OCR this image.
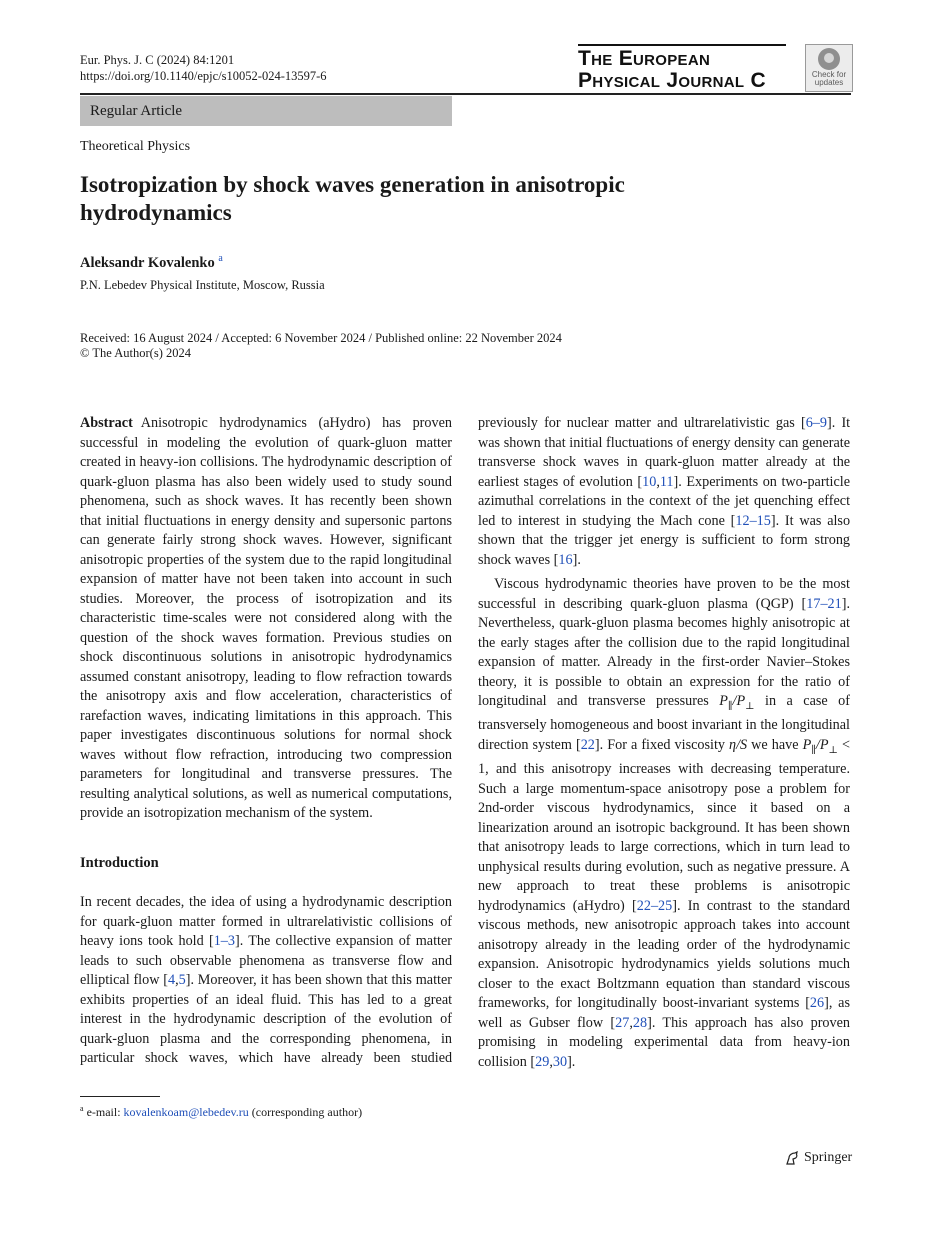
Eur. Phys. J. C (2024) 84:1201
https://doi.org/10.1140/epjc/s10052-024-13597-6
The European
Physical Journal C	Check for
updates
Regular Article
Theoretical Physics
Isotropization by shock waves generation in anisotropic hydrodynamics
Aleksandr Kovalenko $^a$
P.N. Lebedev Physical Institute, Moscow, Russia
Received: 16 August 2024 / Accepted: 6 November 2024 / Published online: 22 November 2024
© The Author(s) 2024

Abstract Anisotropic hydrodynamics (aHydro) has proven successful in modeling the evolution of quark-gluon matter created in heavy-ion collisions. The hydrodynamic description of quark-gluon plasma has also been widely used to study sound phenomena, such as shock waves. It has recently been shown that initial fluctuations in energy density and supersonic partons can generate fairly strong shock waves. However, significant anisotropic properties of the system due to the rapid longitudinal expansion of matter have not been taken into account in such studies. Moreover, the process of isotropization and its characteristic time-scales were not considered along with the question of the shock waves formation. Previous studies on shock discontinuous solutions in anisotropic hydrodynamics assumed constant anisotropy, leading to flow refraction towards the anisotropy axis and flow acceleration, characteristics of rarefaction waves, indicating limitations in this approach. This paper investigates discontinuous solutions for normal shock waves without flow refraction, introducing two compression parameters for longitudinal and transverse pressures. The resulting analytical solutions, as well as numerical computations, provide an isotropization mechanism of the system.

Introduction

In recent decades, the idea of using a hydrodynamic description for quark-gluon matter formed in ultrarelativistic collisions of heavy ions took hold [1–3]. The collective expansion of matter leads to such observable phenomena as transverse flow and elliptical flow [4,5]. Moreover, it has been shown that this matter exhibits properties of an ideal fluid. This has led to a great interest in the hydrodynamic description of the evolution of quark-gluon plasma and the corresponding phenomena, in particular shock waves, which have already been studied

previously for nuclear matter and ultrarelativistic gas [6–9]. It was shown that initial fluctuations of energy density can generate transverse shock waves in quark-gluon matter already at the earliest stages of evolution [10,11]. Experiments on two-particle azimuthal correlations in the context of the jet quenching effect led to interest in studying the Mach cone [12–15]. It was also shown that the trigger jet energy is sufficient to form strong shock waves [16].

Viscous hydrodynamic theories have proven to be the most successful in describing quark-gluon plasma (QGP) [17–21]. Nevertheless, quark-gluon plasma becomes highly anisotropic at the early stages after the collision due to the rapid longitudinal expansion of matter. Already in the first-order Navier–Stokes theory, it is possible to obtain an expression for the ratio of longitudinal and transverse pressures $P_\parallel/P_\perp$ in a case of transversely homogeneous and boost invariant in the longitudinal direction system [22]. For a fixed viscosity η/S we have $P_\parallel/P_\perp < 1$, and this anisotropy increases with decreasing temperature. Such a large momentum-space anisotropy pose a problem for 2nd-order viscous hydrodynamics, since it based on a linearization around an isotropic background. It has been shown that anisotropy leads to large corrections, which in turn lead to unphysical results during evolution, such as negative pressure. A new approach to treat these problems is anisotropic hydrodynamics (aHydro) [22–25]. In contrast to the standard viscous methods, new anisotropic approach takes into account anisotropy already in the leading order of the hydrodynamic expansion. Anisotropic hydrodynamics yields solutions much closer to the exact Boltzmann equation than standard viscous frameworks, for longitudinally boost-invariant systems [26], as well as Gubser flow [27,28]. This approach has also proven promising in modeling experimental data from heavy-ion collision [29,30].

$^a$ e-mail: kovalenkoam@lebedev.ru (corresponding author)
Springer
